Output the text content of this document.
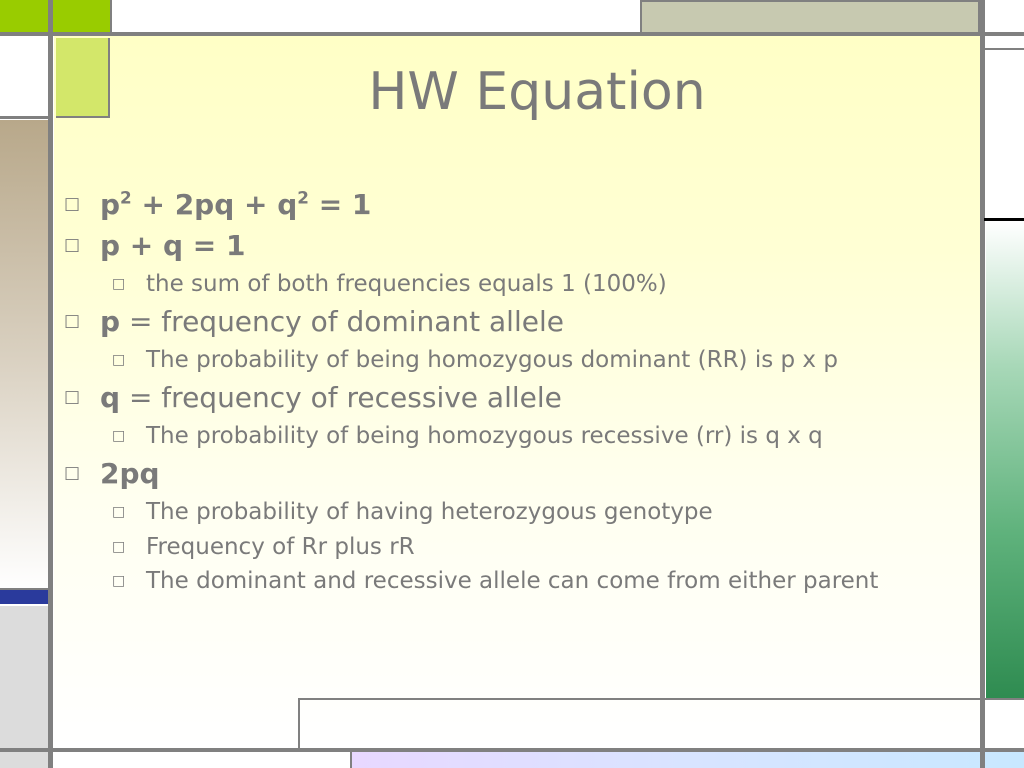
HW Equation
□ $p^2 + 2pq + q^2 = 1$
□ p + q = 1
□ the sum of both frequencies equals 1 (100%)
□ p = frequency of dominant allele
□ The probability of being homozygous dominant (RR) is p x p
□ q = frequency of recessive allele
□ The probability of being homozygous recessive (rr) is q x q
□ 2pq
□ The probability of having heterozygous genotype
□ Frequency of Rr plus rR
□ The dominant and recessive allele can come from either parent
